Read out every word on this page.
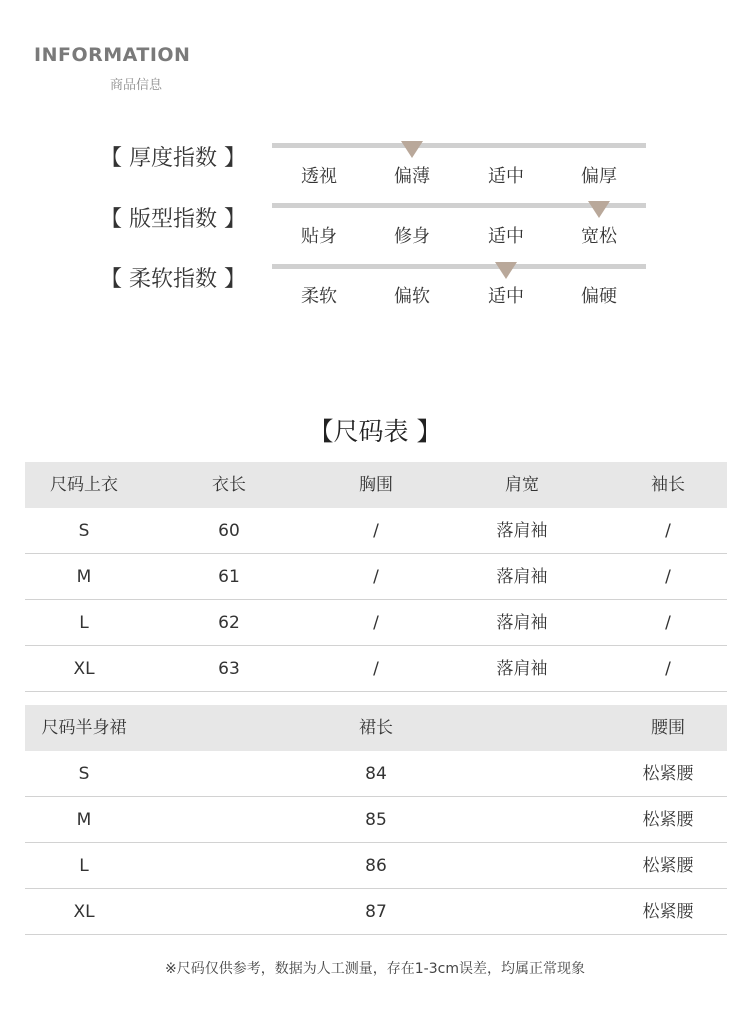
INFORMATION
商品信息
【 厚度指数 】
透视	偏薄	适中	偏厚
【 版型指数 】
贴身	修身	适中	宽松
【 柔软指数 】
柔软	偏软	适中	偏硬
【尺码表 】
尺码上衣	衣长	胸围	肩宽	袖长
S	60	/	落肩袖	/
M	61	/	落肩袖	/
L	62	/	落肩袖	/
XL	63	/	落肩袖	/
尺码半身裙	裙长	腰围
S	84	松紧腰
M	85	松紧腰
L	86	松紧腰
XL	87	松紧腰
※尺码仅供参考，数据为人工测量，存在1-3cm误差，均属正常现象
